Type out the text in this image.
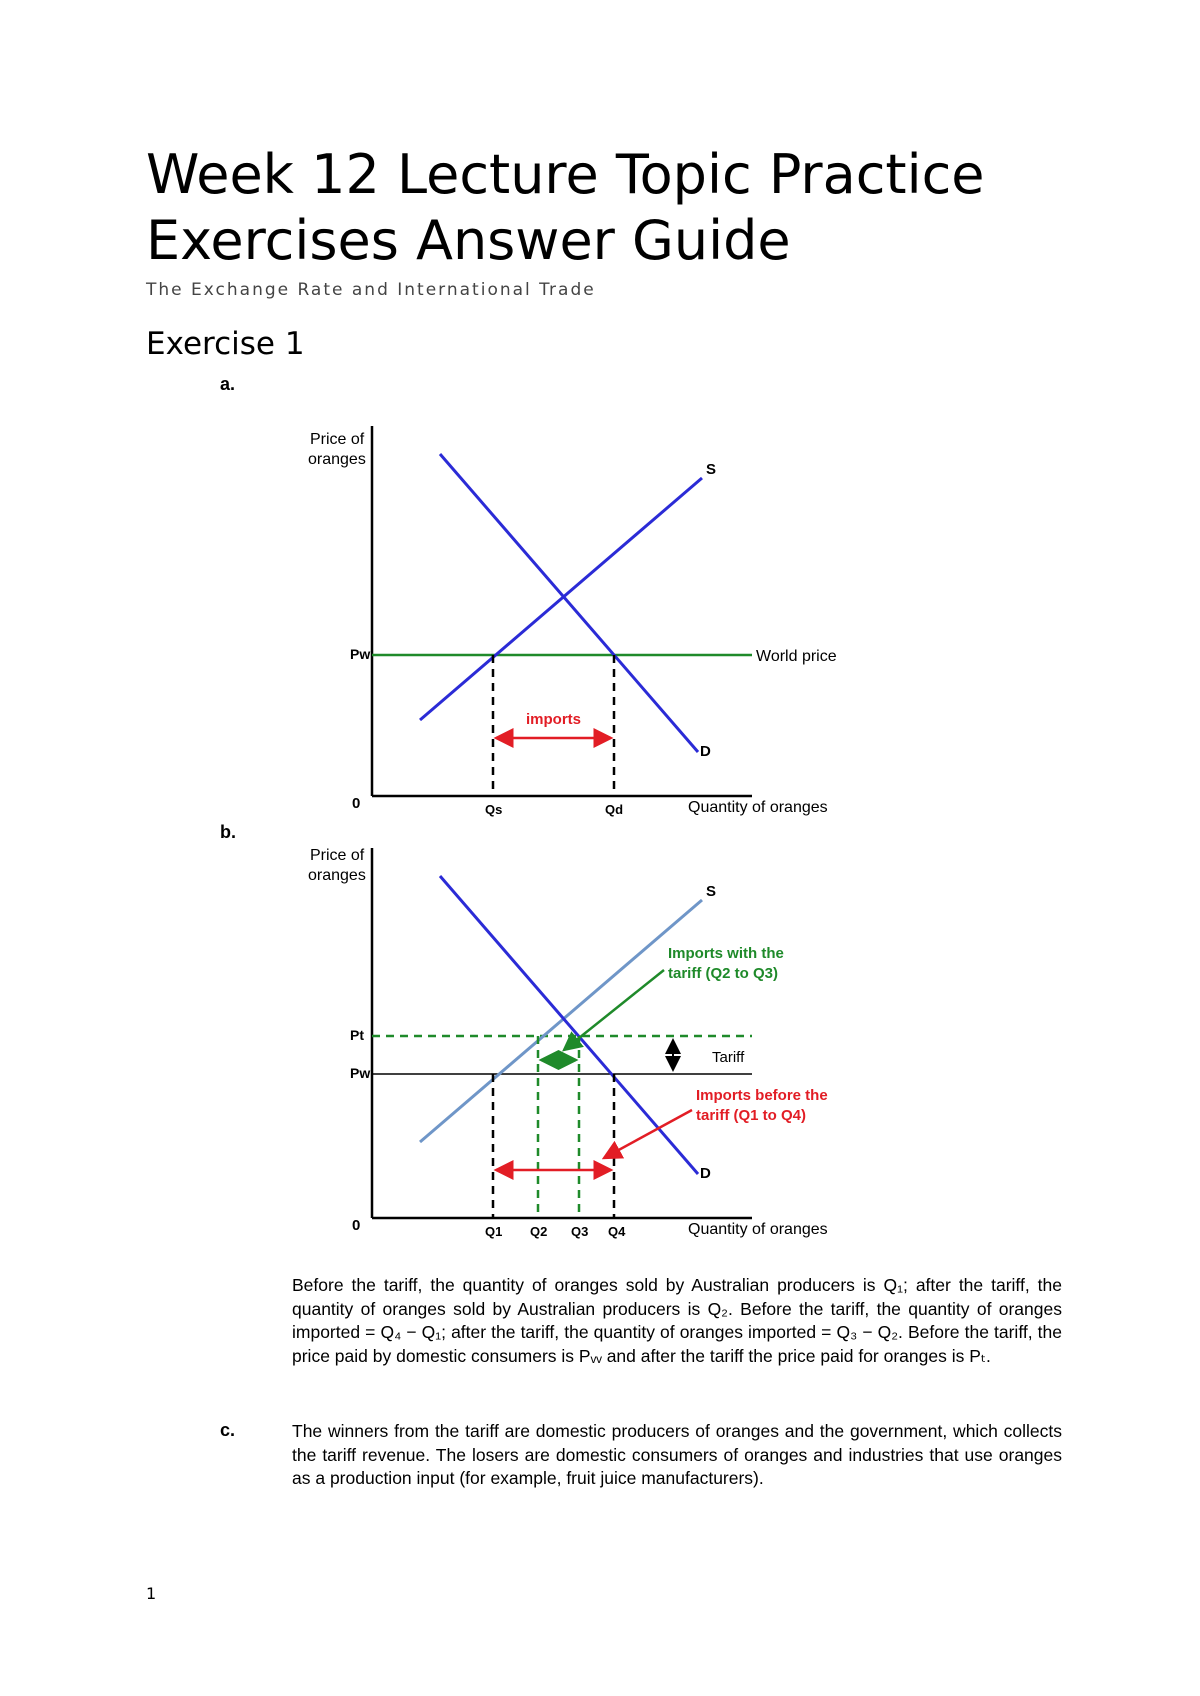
Week 12 Lecture Topic Practice Exercises Answer Guide

The Exchange Rate and International Trade

Exercise 1
a.
Price of
oranges
0
World price
Pw
S
D
imports
Qs	Qd	Quantity of oranges
b.
Price of
oranges
0
Pw
Pt
S
D
Tariff
Imports with the
tariff (Q2 to Q3)
Imports before the
tariff (Q1 to Q4)
Q1 Q2 Q3 Q4	Quantity of oranges

Before the tariff, the quantity of oranges sold by Australian producers is Q₁; after the tariff, the quantity of oranges sold by Australian producers is Q₂. Before the tariff, the quantity of oranges imported = Q₄ − Q₁; after the tariff, the quantity of oranges imported = Q₃ − Q₂. Before the tariff, the price paid by domestic consumers is Pᵥᵥ and after the tariff the price paid for oranges is Pₜ.

c.	The winners from the tariff are domestic producers of oranges and the government, which collects the tariff revenue. The losers are domestic consumers of oranges and industries that use oranges as a production input (for example, fruit juice manufacturers).

1
